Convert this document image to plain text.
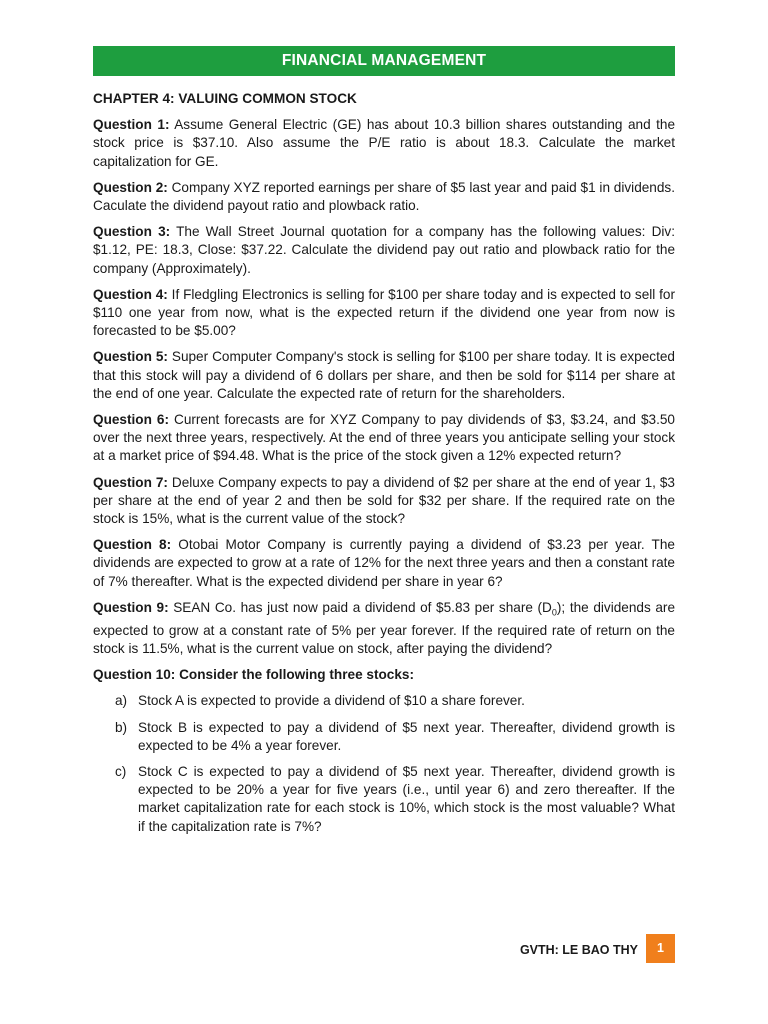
FINANCIAL MANAGEMENT

CHAPTER 4: VALUING COMMON STOCK

Question 1: Assume General Electric (GE) has about 10.3 billion shares outstanding and the stock price is $37.10. Also assume the P/E ratio is about 18.3. Calculate the market capitalization for GE.

Question 2: Company XYZ reported earnings per share of $5 last year and paid $1 in dividends. Caculate the dividend payout ratio and plowback ratio.

Question 3: The Wall Street Journal quotation for a company has the following values: Div: $1.12, PE: 18.3, Close: $37.22. Calculate the dividend pay out ratio and plowback ratio for the company (Approximately).

Question 4: If Fledgling Electronics is selling for $100 per share today and is expected to sell for $110 one year from now, what is the expected return if the dividend one year from now is forecasted to be $5.00?

Question 5: Super Computer Company's stock is selling for $100 per share today. It is expected that this stock will pay a dividend of 6 dollars per share, and then be sold for $114 per share at the end of one year. Calculate the expected rate of return for the shareholders.

Question 6: Current forecasts are for XYZ Company to pay dividends of $3, $3.24, and $3.50 over the next three years, respectively. At the end of three years you anticipate selling your stock at a market price of $94.48. What is the price of the stock given a 12% expected return?

Question 7: Deluxe Company expects to pay a dividend of $2 per share at the end of year 1, $3 per share at the end of year 2 and then be sold for $32 per share. If the required rate on the stock is 15%, what is the current value of the stock?

Question 8: Otobai Motor Company is currently paying a dividend of $3.23 per year. The dividends are expected to grow at a rate of 12% for the next three years and then a constant rate of 7% thereafter. What is the expected dividend per share in year 6?

Question 9: SEAN Co. has just now paid a dividend of $5.83 per share $(D_0)$; the dividends are expected to grow at a constant rate of 5% per year forever. If the required rate of return on the stock is 11.5%, what is the current value on stock, after paying the dividend?

Question 10: Consider the following three stocks:

a) Stock A is expected to provide a dividend of $10 a share forever.
b) Stock B is expected to pay a dividend of $5 next year. Thereafter, dividend growth is expected to be 4% a year forever.
c) Stock C is expected to pay a dividend of $5 next year. Thereafter, dividend growth is expected to be 20% a year for five years (i.e., until year 6) and zero thereafter. If the market capitalization rate for each stock is 10%, which stock is the most valuable? What if the capitalization rate is 7%?
GVTH: LE BAO THY	1
